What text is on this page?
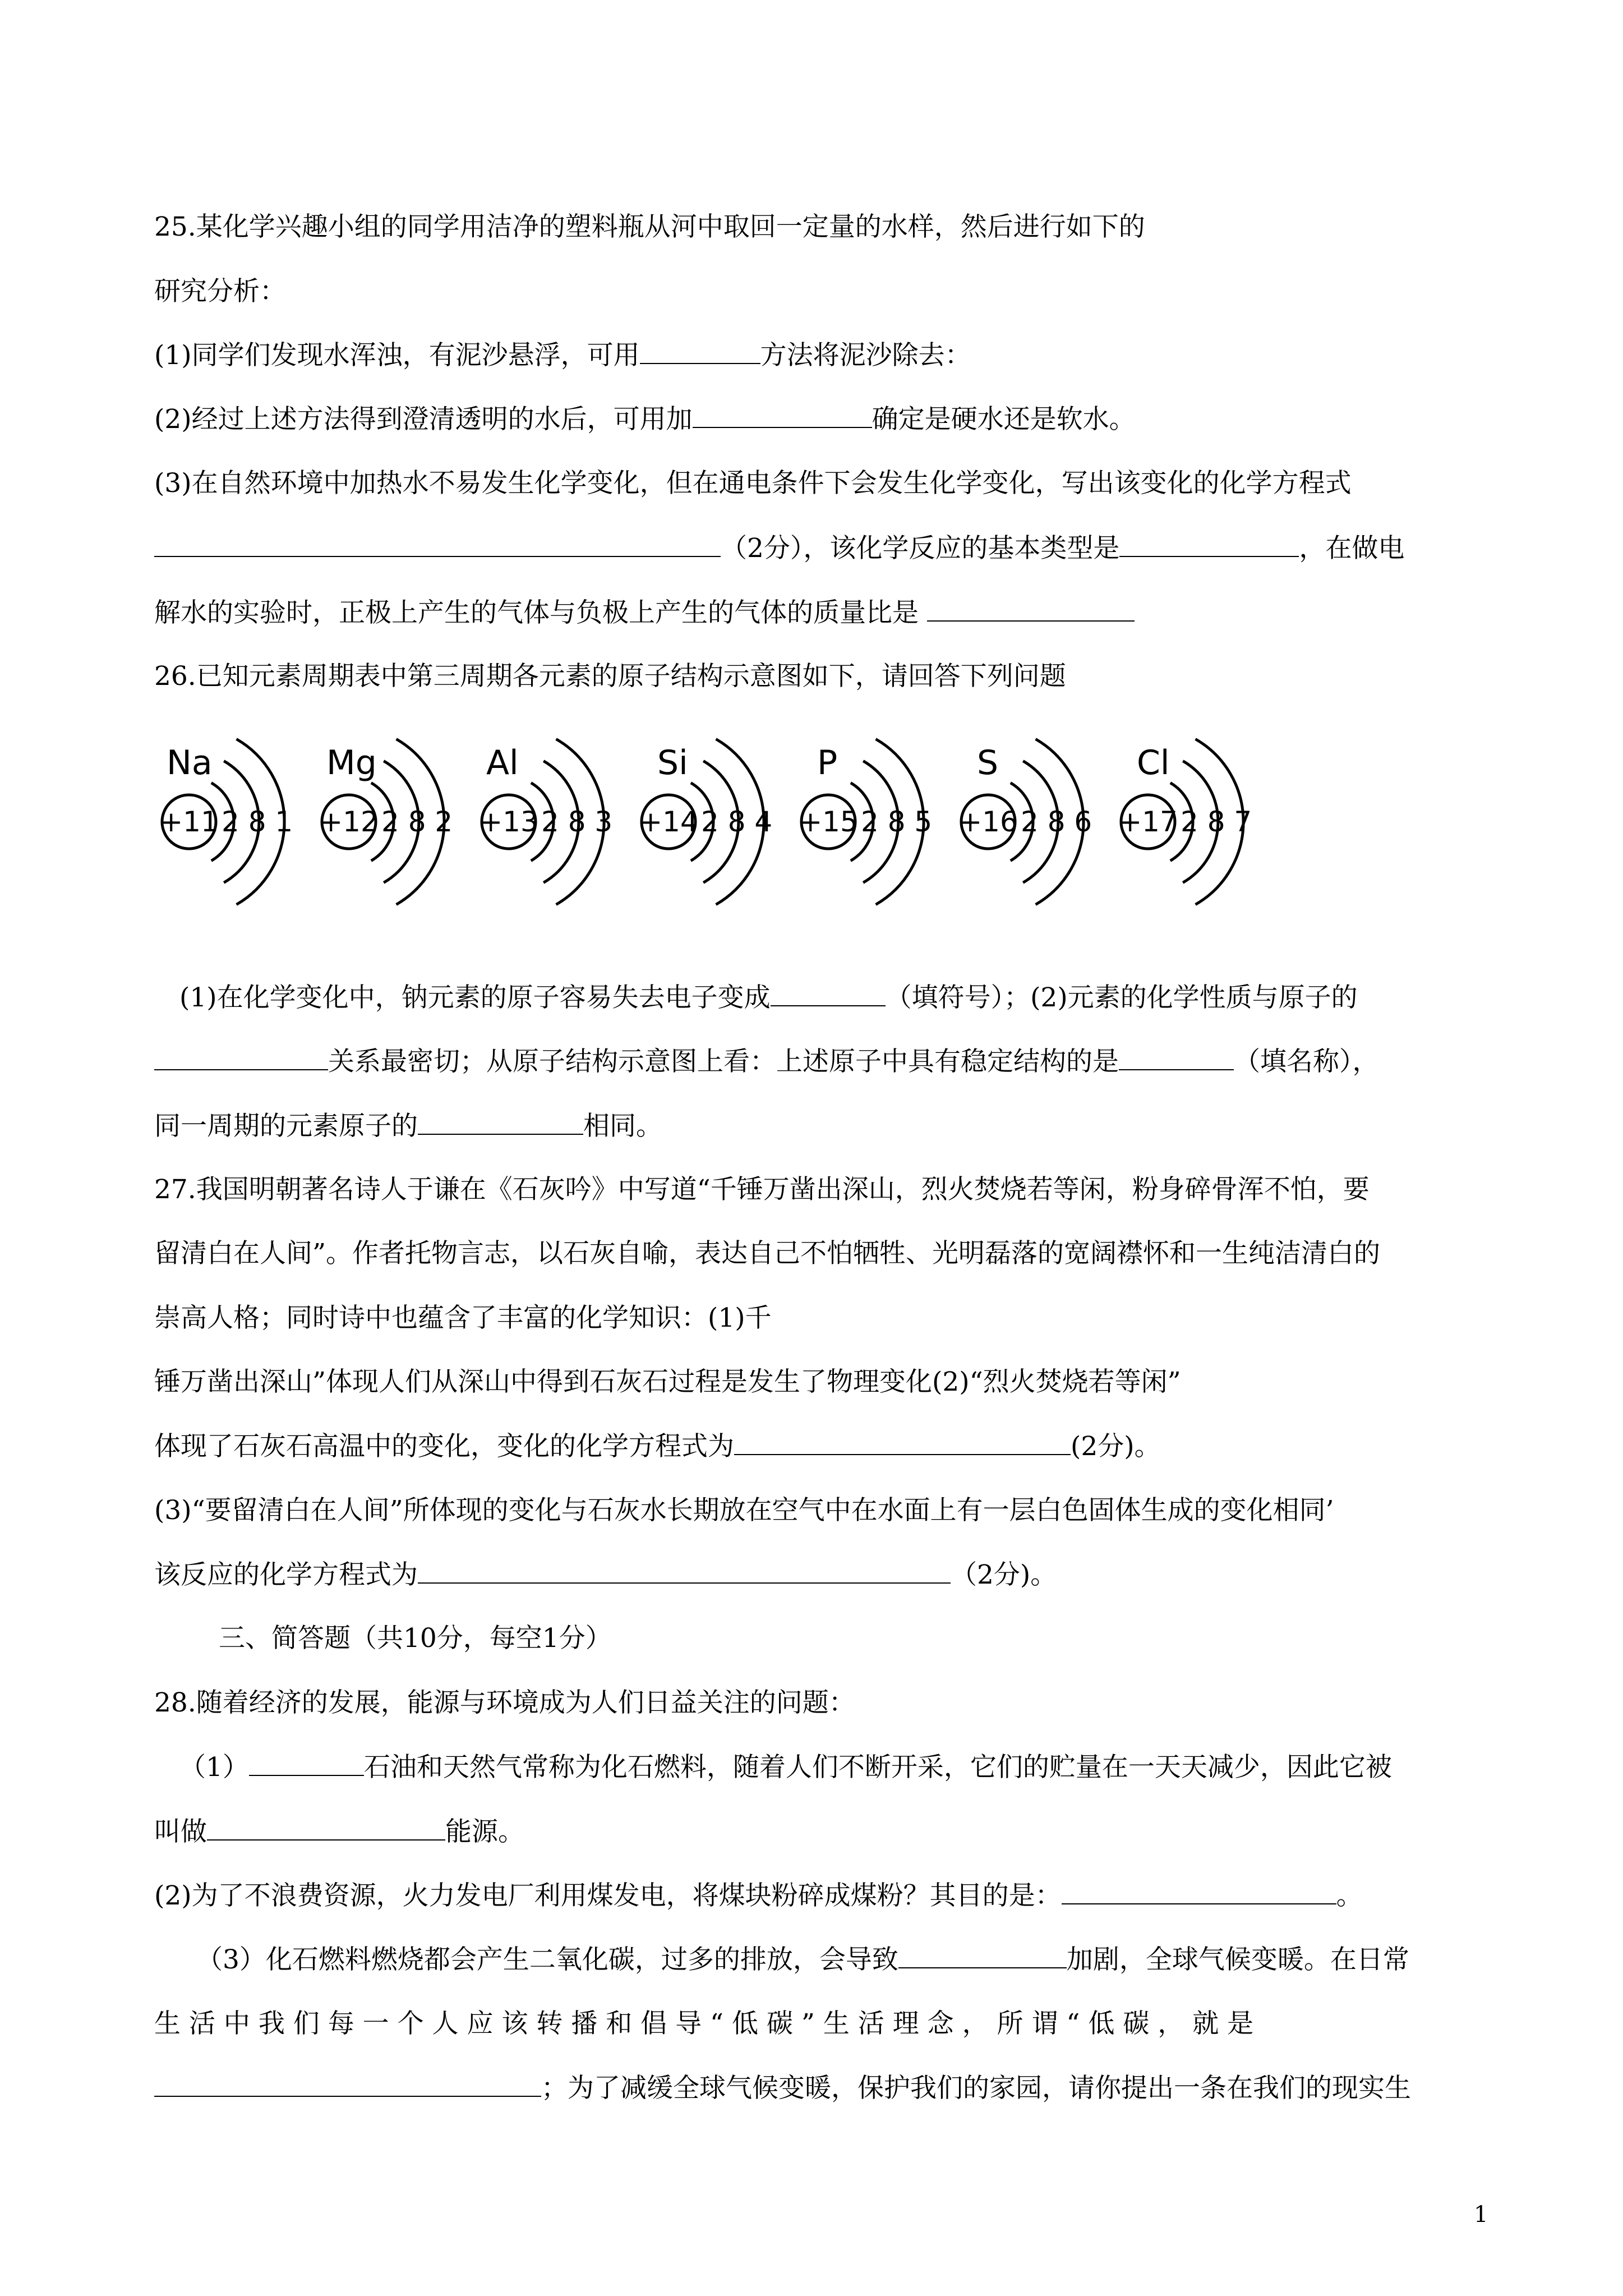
25.某化学兴趣小组的同学用洁净的塑料瓶从河中取回一定量的水样，然后进行如下的
研究分析：
(1)同学们发现水浑浊，有泥沙悬浮，可用	方法将泥沙除去：
(2)经过上述方法得到澄清透明的水后，可用加	确定是硬水还是软水。
(3)在自然环境中加热水不易发生化学变化，但在通电条件下会发生化学变化，写出该变化的化学方程式
（2分），该化学反应的基本类型是	，在做电
解水的实验时，正极上产生的气体与负极上产生的气体的质量比是
26.已知元素周期表中第三周期各元素的原子结构示意图如下，请回答下列问题
Na
+11 2 8 1
Mg
+12 2 8 2
Al
+13 2 8 3
Si
+14 2 8 4
P
+15 2 8 5
S
+16 2 8 6
Cl
+17 2 8 7
(1)在化学变化中，钠元素的原子容易失去电子变成	（填符号）；(2)元素的化学性质与原子的
关系最密切；从原子结构示意图上看：上述原子中具有稳定结构的是	（填名称），
同一周期的元素原子的	相同。
27.我国明朝著名诗人于谦在《石灰吟》中写道“千锤万凿出深山，烈火焚烧若等闲，粉身碎骨浑不怕，要
留清白在人间”。作者托物言志，以石灰自喻，表达自己不怕牺牲、光明磊落的宽阔襟怀和一生纯洁清白的
崇高人格；同时诗中也蕴含了丰富的化学知识：(1)千
锤万凿出深山”体现人们从深山中得到石灰石过程是发生了物理变化(2)“烈火焚烧若等闲”
体现了石灰石高温中的变化，变化的化学方程式为	(2分)。
(3)“要留清白在人间”所体现的变化与石灰水长期放在空气中在水面上有一层白色固体生成的变化相同’
该反应的化学方程式为	（2分)。
三、简答题（共10分，每空1分）
28.随着经济的发展，能源与环境成为人们日益关注的问题：
（1）	石油和天然气常称为化石燃料，随着人们不断开采，它们的贮量在一天天减少，因此它被
叫做	能源。
(2)为了不浪费资源，火力发电厂利用煤发电，将煤块粉碎成煤粉？其目的是：	。
（3）化石燃料燃烧都会产生二氧化碳，过多的排放，会导致	加剧，全球气候变暖。在日常
生 活 中 我 们 每 一 个 人 应 该 转 播 和 倡 导 “ 低 碳 ” 生 活 理 念 ， 所 谓 “ 低 碳 ， 就 是
；为了减缓全球气候变暖，保护我们的家园，请你提出一条在我们的现实生
1
